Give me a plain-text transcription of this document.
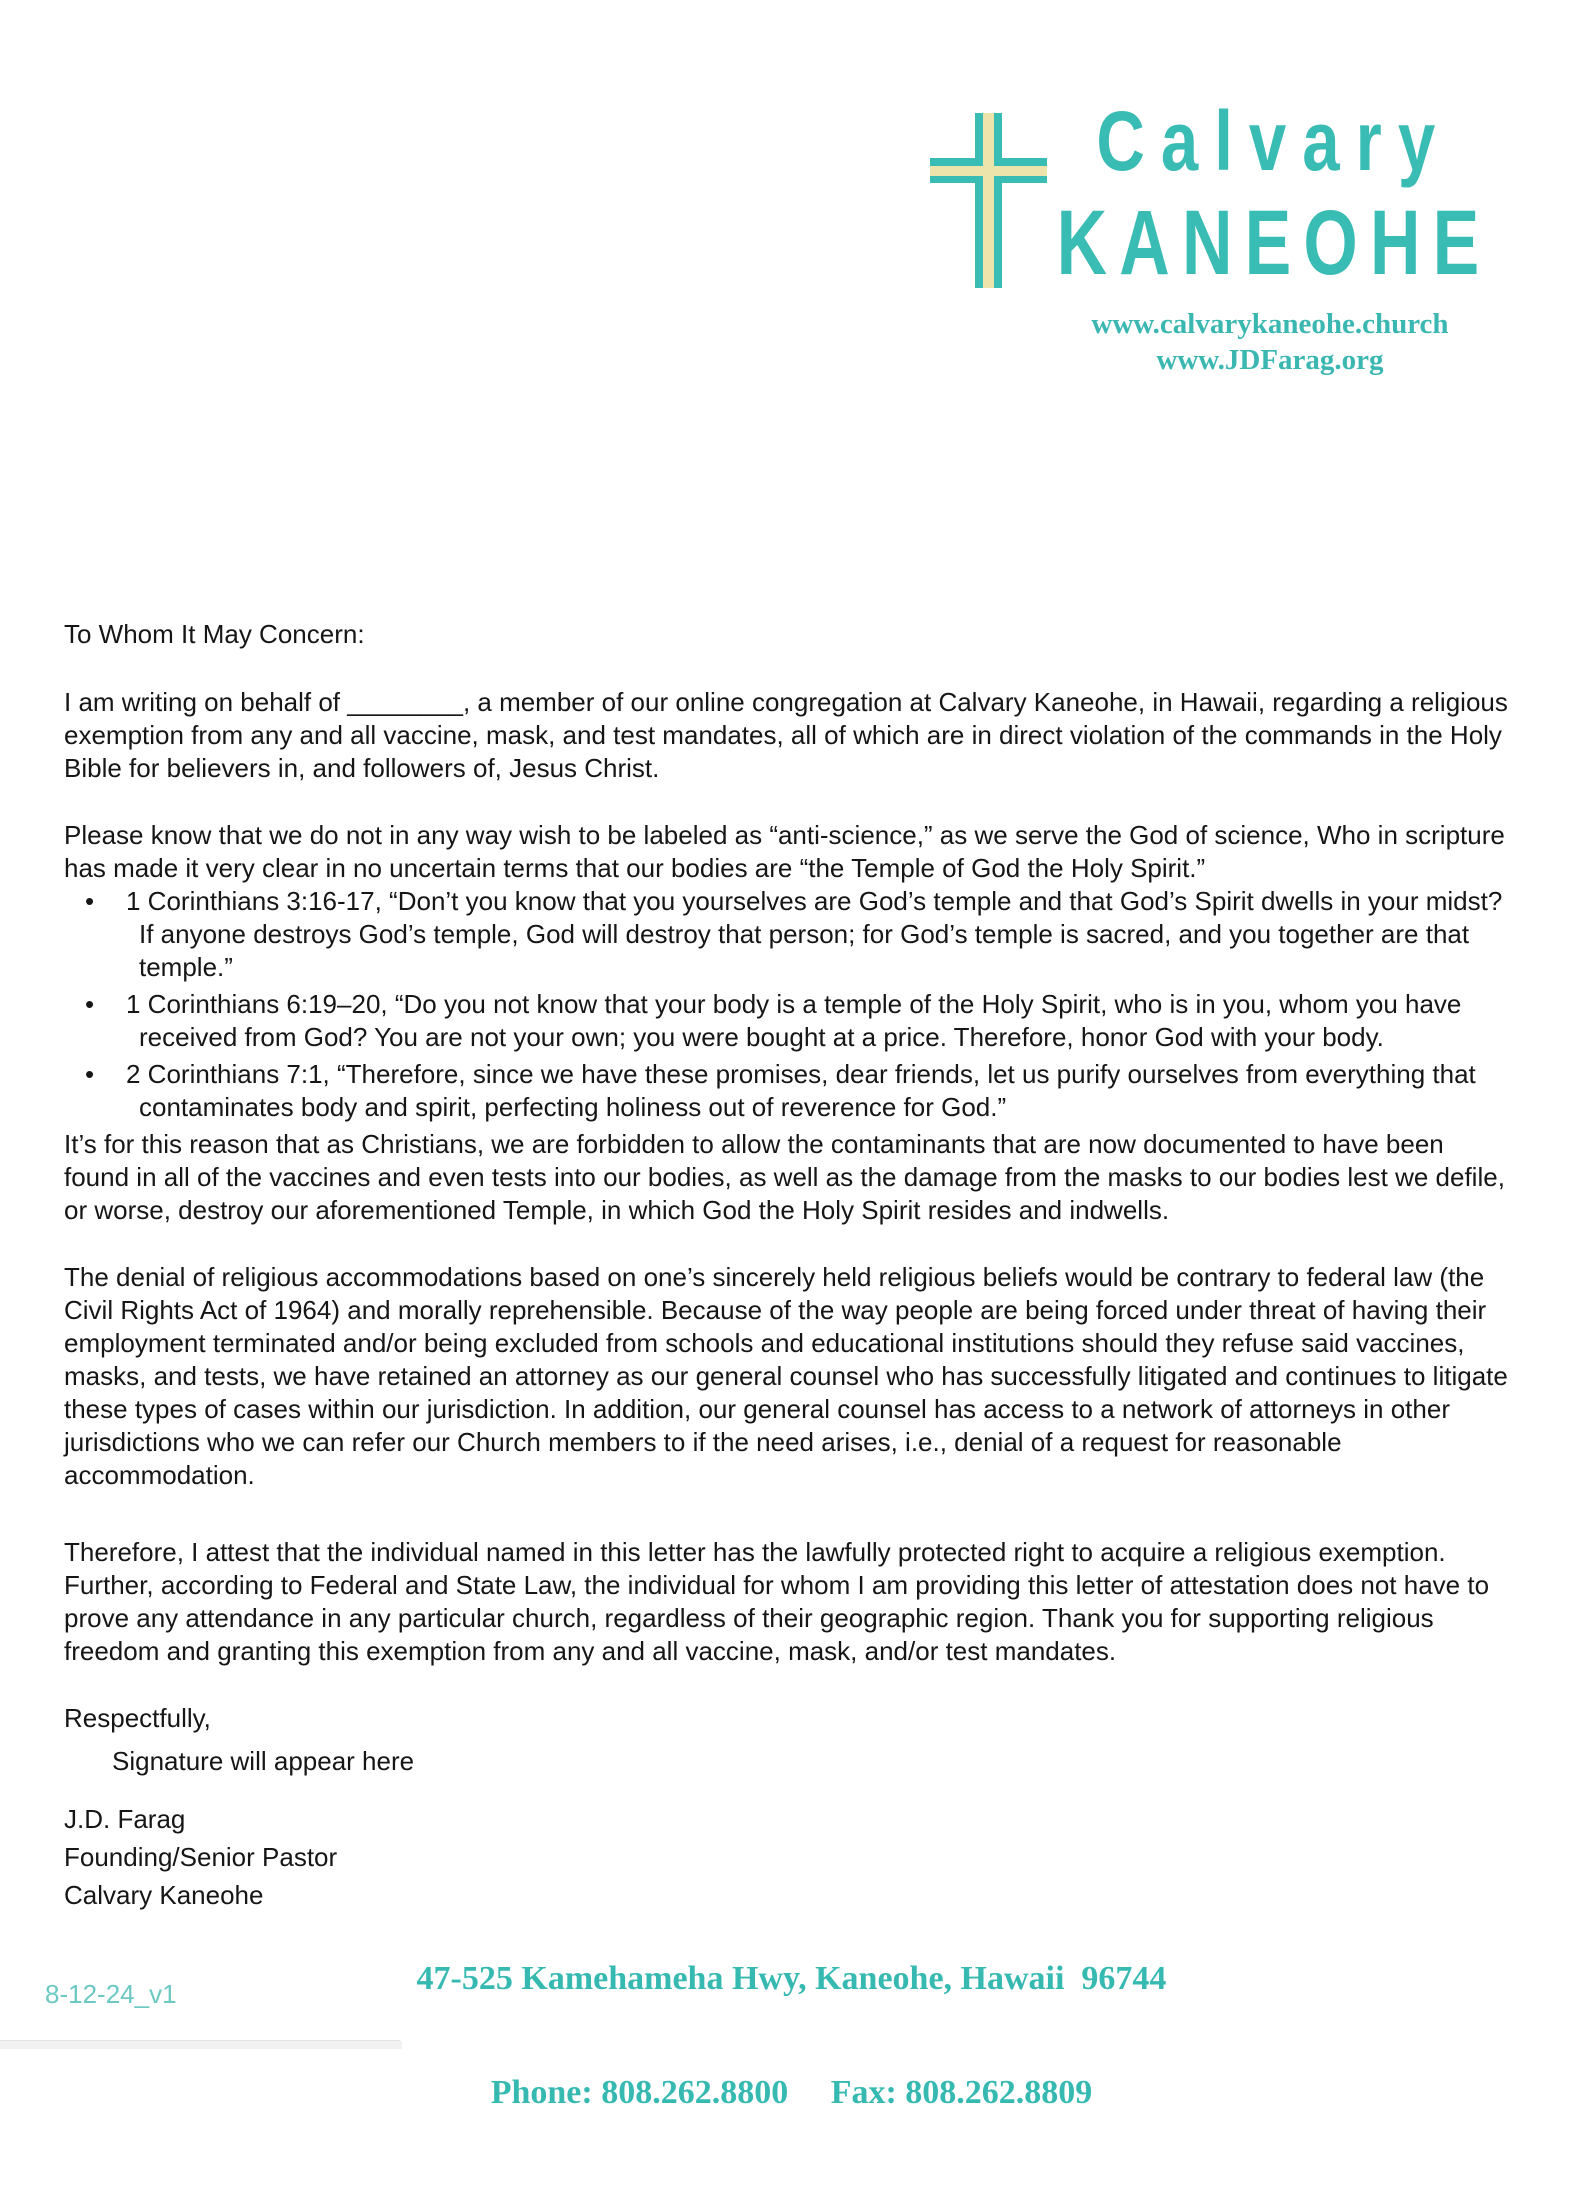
Calvary
KANEOHE
www.calvarykaneohe.church
www.JDFarag.org

To Whom It May Concern:

I am writing on behalf of ________, a member of our online congregation at Calvary Kaneohe, in Hawaii, regarding a religious exemption from any and all vaccine, mask, and test mandates, all of which are in direct violation of the commands in the Holy Bible for believers in, and followers of, Jesus Christ.

Please know that we do not in any way wish to be labeled as “anti-science,” as we serve the God of science, Who in scripture has made it very clear in no uncertain terms that our bodies are “the Temple of God the Holy Spirit.”

• 1 Corinthians 3:16-17, “Don’t you know that you yourselves are God’s temple and that God’s Spirit dwells in your midst? If anyone destroys God’s temple, God will destroy that person; for God’s temple is sacred, and you together are that temple.”
• 1 Corinthians 6:19–20, “Do you not know that your body is a temple of the Holy Spirit, who is in you, whom you have received from God? You are not your own; you were bought at a price. Therefore, honor God with your body.
• 2 Corinthians 7:1, “Therefore, since we have these promises, dear friends, let us purify ourselves from everything that contaminates body and spirit, perfecting holiness out of reverence for God.”

It’s for this reason that as Christians, we are forbidden to allow the contaminants that are now documented to have been found in all of the vaccines and even tests into our bodies, as well as the damage from the masks to our bodies lest we defile, or worse, destroy our aforementioned Temple, in which God the Holy Spirit resides and indwells.

The denial of religious accommodations based on one’s sincerely held religious beliefs would be contrary to federal law (the Civil Rights Act of 1964) and morally reprehensible. Because of the way people are being forced under threat of having their employment terminated and/or being excluded from schools and educational institutions should they refuse said vaccines, masks, and tests, we have retained an attorney as our general counsel who has successfully litigated and continues to litigate these types of cases within our jurisdiction. In addition, our general counsel has access to a network of attorneys in other jurisdictions who we can refer our Church members to if the need arises, i.e., denial of a request for reasonable accommodation.

Therefore, I attest that the individual named in this letter has the lawfully protected right to acquire a religious exemption. Further, according to Federal and State Law, the individual for whom I am providing this letter of attestation does not have to prove any attendance in any particular church, regardless of their geographic region. Thank you for supporting religious freedom and granting this exemption from any and all vaccine, mask, and/or test mandates.

Respectfully,

Signature will appear here

J.D. Farag
Founding/Senior Pastor
Calvary Kaneohe

47-525 Kamehameha Hwy, Kaneohe, Hawaii  96744

Phone: 808.262.8800     Fax: 808.262.8809

8-12-24_v1
